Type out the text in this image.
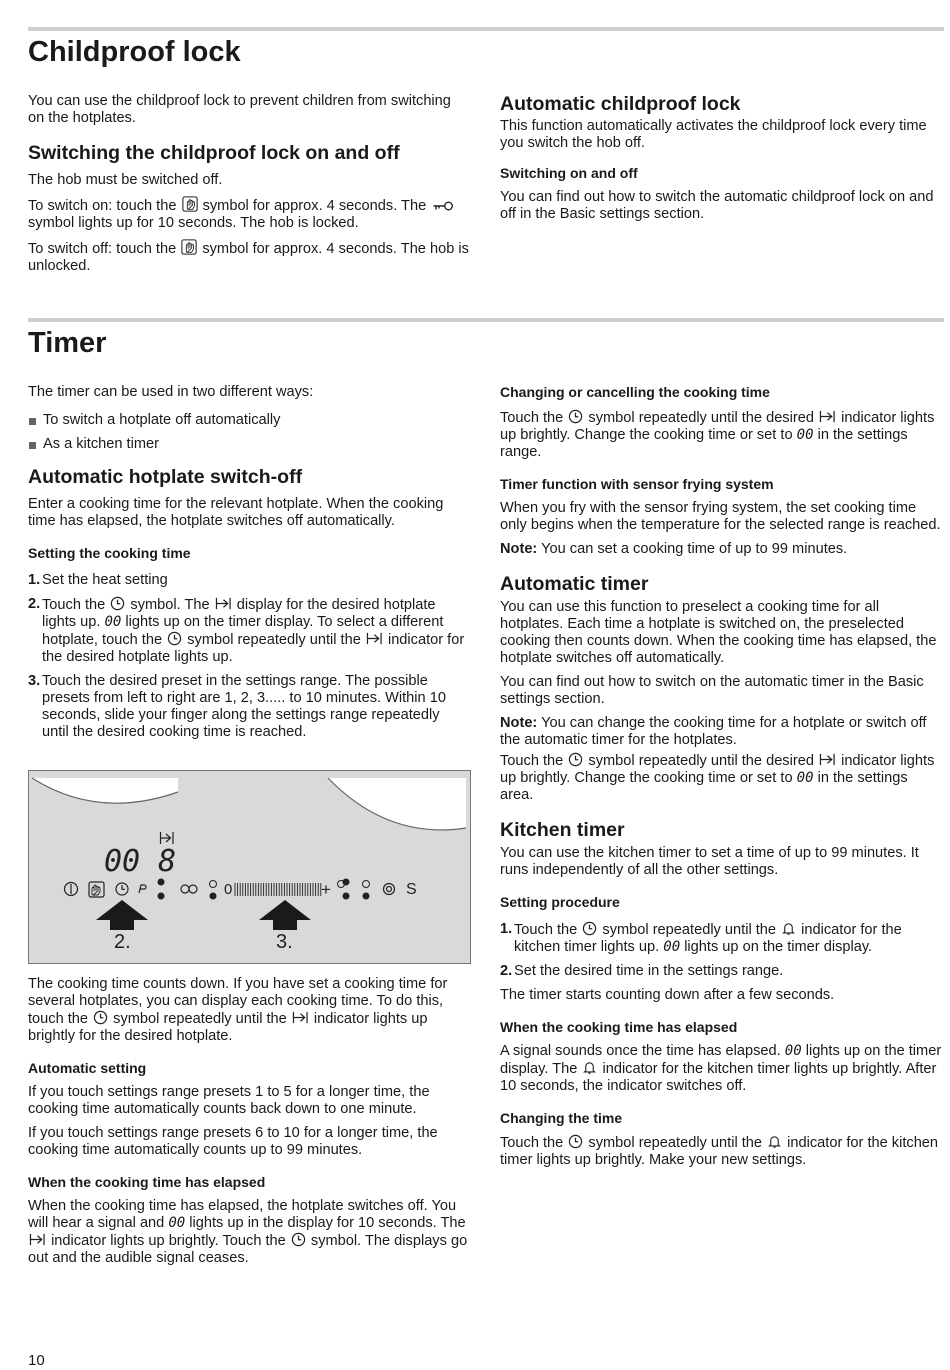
Childproof lock

You can use the childproof lock to prevent children from switching on the hotplates.

Switching the childproof lock on and off

The hob must be switched off.

To switch on: touch the symbol for approx. 4 seconds. The  symbol lights up for 10 seconds. The hob is locked.

To switch off: touch the symbol for approx. 4 seconds. The hob is unlocked.

Automatic childproof lock

This function automatically activates the childproof lock every time you switch the hob off.

Switching on and off

You can find out how to switch the automatic childproof lock on and off in the Basic settings section.

Timer

The timer can be used in two different ways:

To switch a hotplate off automatically
As a kitchen timer
Automatic hotplate switch-off

Enter a cooking time for the relevant hotplate. When the cooking time has elapsed, the hotplate switches off automatically.

Setting the cooking time
1. Set the heat setting
2. Touch the symbol. The display for the desired hotplate lights up. 00 lights up on the timer display. To select a different hotplate, touch the symbol repeatedly until the indicator for the desired hotplate lights up.
3. Touch the desired preset in the settings range. The possible presets from left to right are 1, 2, 3..... to 10 minutes. Within 10 seconds, slide your finger along the settings range repeatedly until the desired cooking time is reached.
00 8
0	+	S
2.	3.

The cooking time counts down. If you have set a cooking time for several hotplates, you can display each cooking time. To do this, touch the symbol repeatedly until the indicator lights up brightly for the desired hotplate.

Automatic setting

If you touch settings range presets 1 to 5 for a longer time, the cooking time automatically counts back down to one minute.

If you touch settings range presets 6 to 10 for a longer time, the cooking time automatically counts up to 99 minutes.

When the cooking time has elapsed

When the cooking time has elapsed, the hotplate switches off. You will hear a signal and 00 lights up in the display for 10 seconds. The  indicator lights up brightly. Touch the symbol. The displays go out and the audible signal ceases.

Changing or cancelling the cooking time

Touch the symbol repeatedly until the desired indicator lights up brightly. Change the cooking time or set to 00 in the settings range.

Timer function with sensor frying system

When you fry with the sensor frying system, the set cooking time only begins when the temperature for the selected range is reached.

Note: You can set a cooking time of up to 99 minutes.

Automatic timer

You can use this function to preselect a cooking time for all hotplates. Each time a hotplate is switched on, the preselected cooking then counts down. When the cooking time has elapsed, the hotplate switches off automatically.

You can find out how to switch on the automatic timer in the Basic settings section.

Note: You can change the cooking time for a hotplate or switch off the automatic timer for the hotplates.

Touch the symbol repeatedly until the desired indicator lights up brightly. Change the cooking time or set to 00 in the settings area.

Kitchen timer

You can use the kitchen timer to set a time of up to 99 minutes. It runs independently of all the other settings.

Setting procedure
1. Touch the symbol repeatedly until the indicator for the kitchen timer lights up. 00 lights up on the timer display.
2. Set the desired time in the settings range.

The timer starts counting down after a few seconds.

When the cooking time has elapsed

A signal sounds once the time has elapsed. 00 lights up on the timer display. The indicator for the kitchen timer lights up brightly. After 10 seconds, the indicator switches off.

Changing the time

Touch the symbol repeatedly until the indicator for the kitchen timer lights up brightly. Make your new settings.

10
